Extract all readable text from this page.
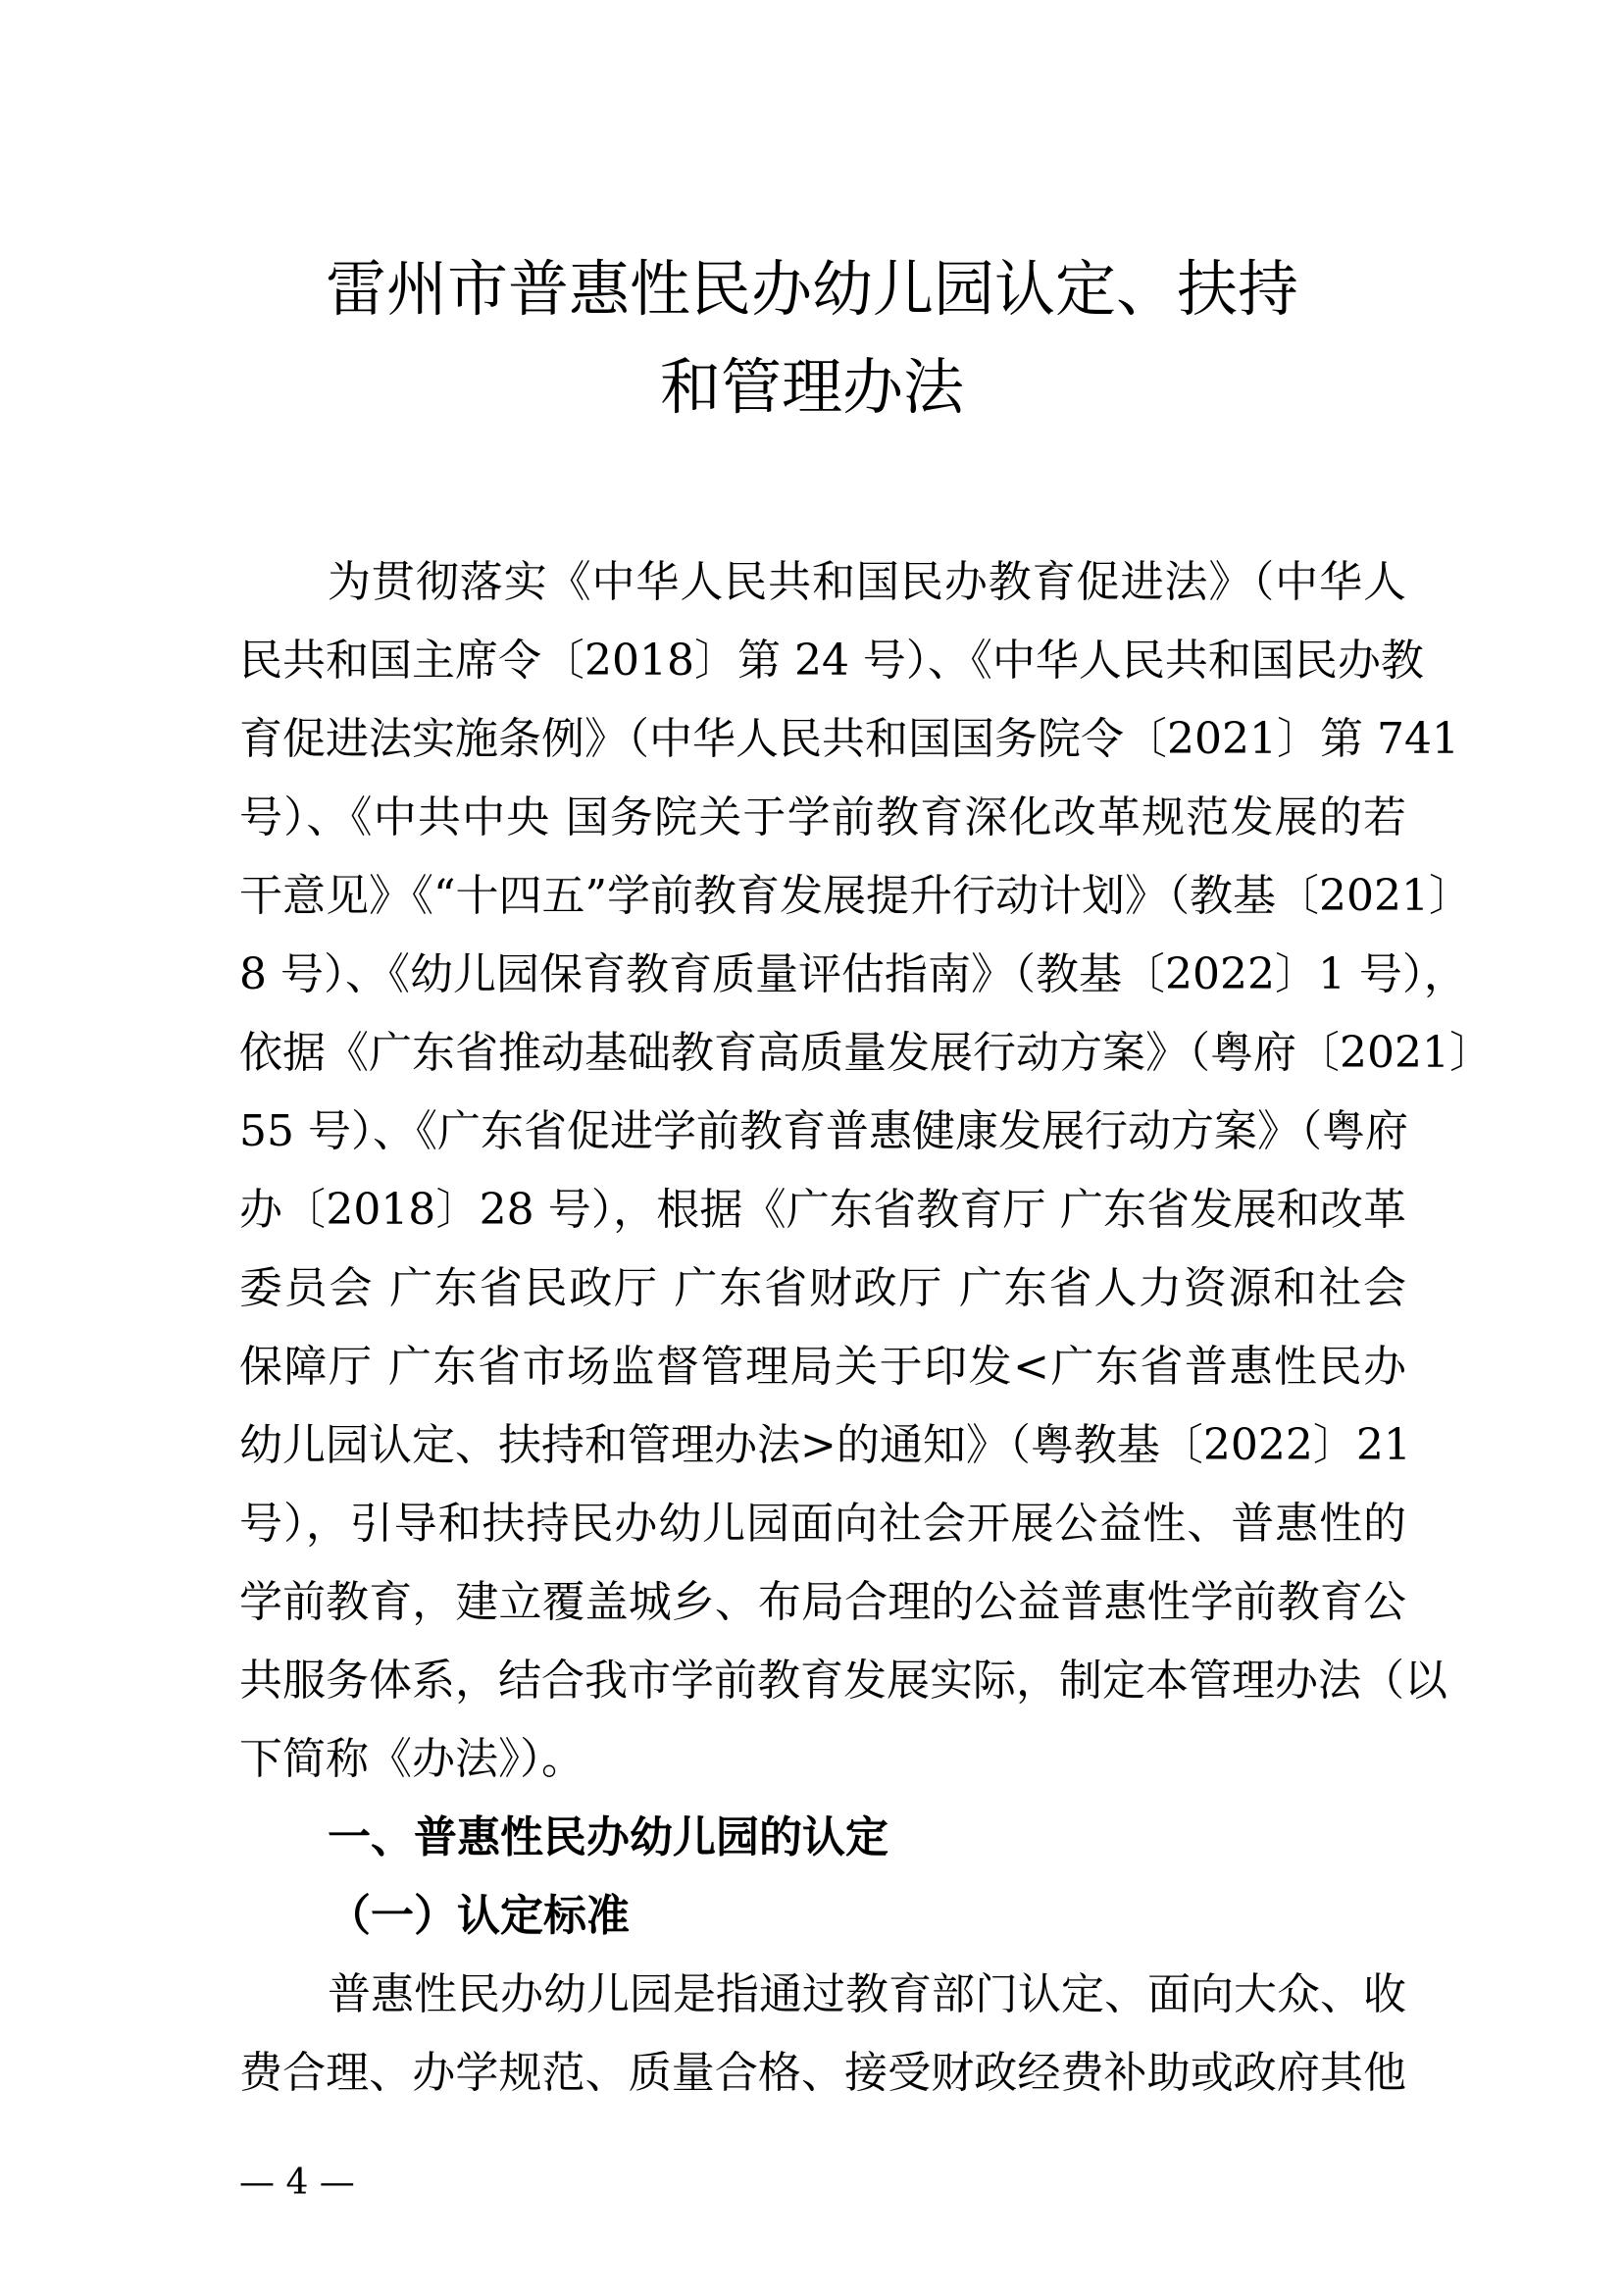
雷州市普惠性民办幼儿园认定、扶持
和管理办法

为贯彻落实《中华人民共和国民办教育促进法》（中华人

民共和国主席令〔2018〕第 24 号）、《中华人民共和国民办教

育促进法实施条例》（中华人民共和国国务院令〔2021〕第 741

号）、《中共中央 国务院关于学前教育深化改革规范发展的若

干意见》《“十四五”学前教育发展提升行动计划》（教基〔2021〕

8 号）、《幼儿园保育教育质量评估指南》（教基〔2022〕1 号），

依据《广东省推动基础教育高质量发展行动方案》（粤府〔2021〕

55 号）、《广东省促进学前教育普惠健康发展行动方案》（粤府

办〔2018〕28 号），根据《广东省教育厅 广东省发展和改革

委员会 广东省民政厅 广东省财政厅 广东省人力资源和社会

保障厅 广东省市场监督管理局关于印发<广东省普惠性民办

幼儿园认定、扶持和管理办法>的通知》（粤教基〔2022〕21

号），引导和扶持民办幼儿园面向社会开展公益性、普惠性的

学前教育，建立覆盖城乡、布局合理的公益普惠性学前教育公

共服务体系，结合我市学前教育发展实际，制定本管理办法（以

下简称《办法》）。

一、普惠性民办幼儿园的认定
（一）认定标准

普惠性民办幼儿园是指通过教育部门认定、面向大众、收

费合理、办学规范、质量合格、接受财政经费补助或政府其他

— 4 —
